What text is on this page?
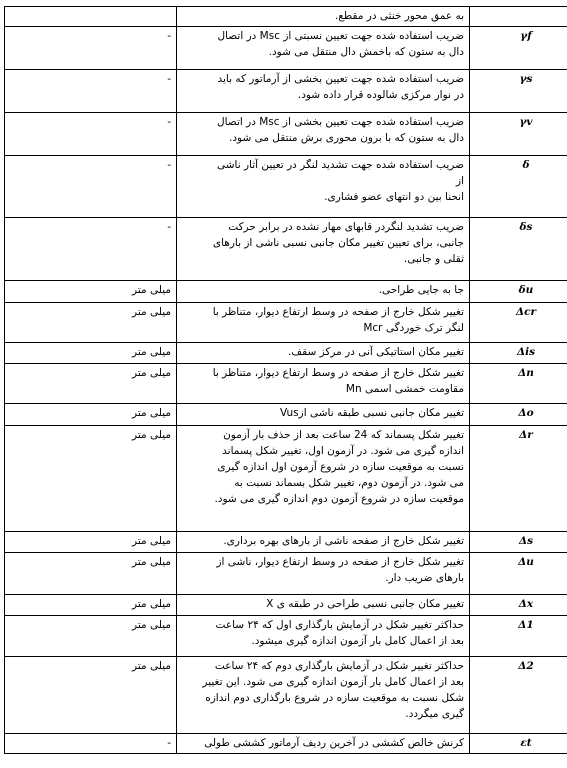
	به عمق محور خنثی در مقطع.	

γf	ضریب استفاده شده جهت تعیین نسبتی از Msc در اتصال
دال به ستون که باخمش دال منتقل می شود.	-
γs	ضریب استفاده شده جهت تعیین بخشی از آرماتور که باید
در نوار مرکزی شالوده قرار داده شود.	-
γv	ضریب استفاده شده جهت تعیین بخشی از Msc در اتصال
دال به ستون که با برون محوری برش منتقل می شود.	-
δ	ضریب استفاده شده جهت تشدید لنگر در تعیین آثار ناشی
از
انحنا بین دو انتهای عضو فشاری.	-
δs	ضریب تشدید لنگردر قابهای مهار نشده در برابر حرکت
جانبی، برای تعیین تغییر مکان جانبی نسبی ناشی از بارهای
ثقلی و جانبی.	-
δu	جا به جایی طراحی.	میلی متر
Δcr	تغییر شکل خارج از صفحه در وسط ارتفاع دیوار، متناظر با
لنگر ترک خوردگی Mcr	میلی متر
Δis	تغییر مکان استاتیکی آنی در مرکز سقف.	میلی متر
Δn	تغییر شکل خارج از صفحه در وسط ارتفاع دیوار، متناظر با
مقاومت خمشی اسمی Mn	میلی متر
Δo	تغییر مکان جانبی نسبی طبقه ناشی ازVus	میلی متر
Δr	تغییر شکل پسماند که 24 ساعت بعد از حذف بار آزمون
اندازه گیری می شود. در آزمون اول، تغییر شکل پسماند
نسبت به موقعیت سازه در شروع آزمون اول اندازه گیری
می شود. در آزمون دوم، تغییر شکل بسماند نسبت به
موقعیت سازه در شروع آزمون دوم اندازه گیری می شود.	میلی متر
Δs	تغییر شکل خارج از صفحه ناشی از بارهای بهره برداری.	میلی متر
Δu	تغییر شکل خارج از صفحه در وسط ارتفاع دیوار، ناشی از
بارهای ضریب دار.	میلی متر
Δx	تغییر مکان جانبی نسبی طراحی در طبقه ی X	میلی متر
Δ1	حداکثر تغییر شکل در آزمایش بارگذاری اول که ۲۴ ساعت
بعد از اعمال کامل بار آزمون اندازه گیری میشود.	میلی متر
Δ2	حداکثر تغییر شکل در آزمایش بارگذاری دوم که ۲۴ ساعت
بعد از اعمال کامل بار آزمون اندازه گیری می شود. این تغییر
شکل نسبت به موقعیت سازه در شروع بارگذاری دوم اندازه
گیری میگردد.	میلی متر
εt	کرنش خالص کششی در آخرین ردیف آرماتور کششی طولی	-
